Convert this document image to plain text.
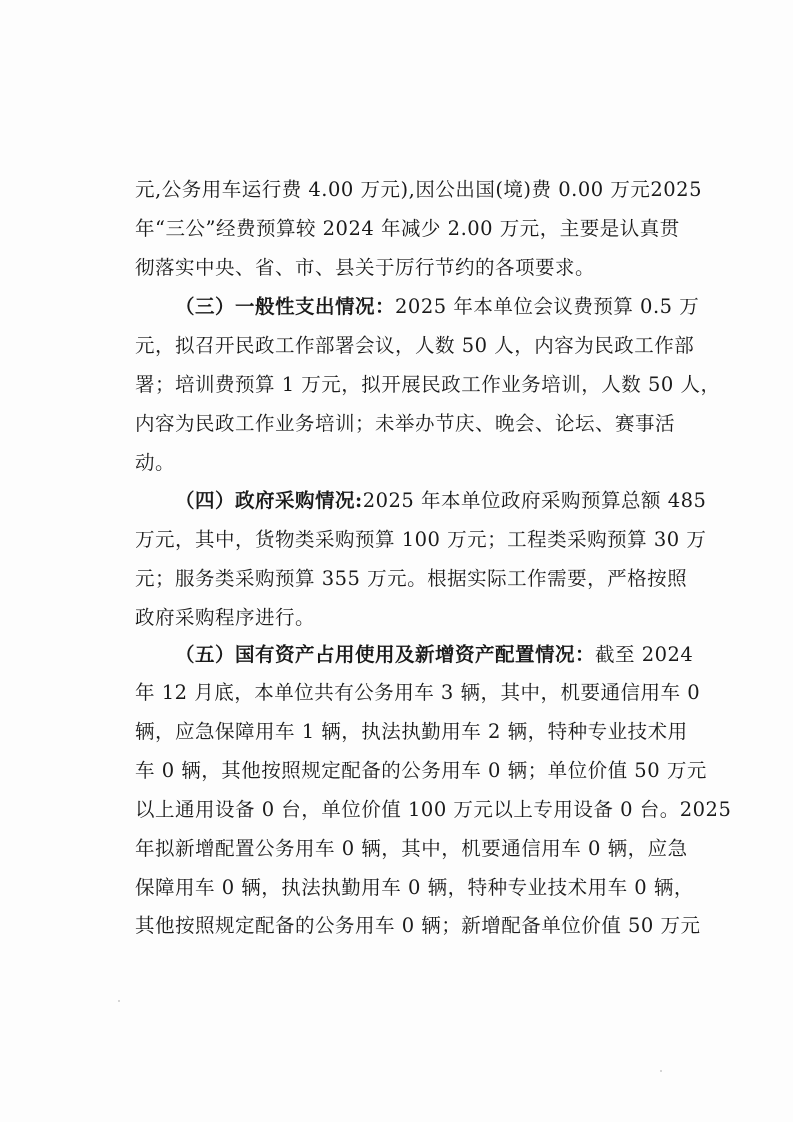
元,公务用车运行费 4.00 万元),因公出国(境)费 0.00 万元2025
年“三公”经费预算较 2024 年减少 2.00 万元，主要是认真贯
彻落实中央、省、市、县关于厉行节约的各项要求。
（三）一般性支出情况：2025 年本单位会议费预算 0.5 万
元，拟召开民政工作部署会议，人数 50 人，内容为民政工作部
署；培训费预算 1 万元，拟开展民政工作业务培训，人数 50 人，
内容为民政工作业务培训；未举办节庆、晚会、论坛、赛事活
动。
（四）政府采购情况:2025 年本单位政府采购预算总额 485
万元，其中，货物类采购预算 100 万元；工程类采购预算 30 万
元；服务类采购预算 355 万元。根据实际工作需要，严格按照
政府采购程序进行。
（五）国有资产占用使用及新增资产配置情况：截至 2024
年 12 月底，本单位共有公务用车 3 辆，其中，机要通信用车 0
辆，应急保障用车 1 辆，执法执勤用车 2 辆，特种专业技术用
车 0 辆，其他按照规定配备的公务用车 0 辆；单位价值 50 万元
以上通用设备 0 台，单位价值 100 万元以上专用设备 0 台。2025
年拟新增配置公务用车 0 辆，其中，机要通信用车 0 辆，应急
保障用车 0 辆，执法执勤用车 0 辆，特种专业技术用车 0 辆，
其他按照规定配备的公务用车 0 辆；新增配备单位价值 50 万元
